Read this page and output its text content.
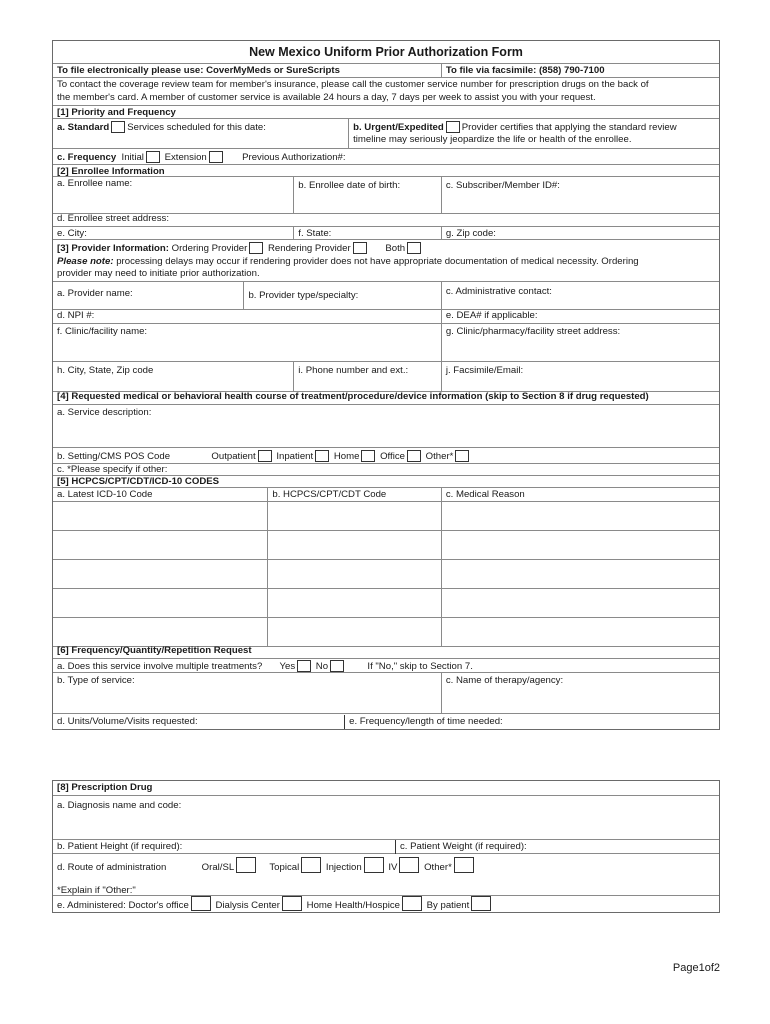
New Mexico Uniform Prior Authorization Form
To file electronically please use: CoverMyMeds or SureScripts	To file via facsimile: (858) 790-7100
To contact the coverage review team for member's insurance, please call the customer service number for prescription drugs on the back of
the member's card. A member of customer service is available 24 hours a day, 7 days per week to assist you with your request.
[1] Priority and Frequency
a. Standard Services scheduled for this date:	b. Urgent/Expedited Provider certifies that applying the standard review
timeline may seriously jeopardize the life or health of the enrollee.
c. Frequency Initial Extension	Previous Authorization#:
[2] Enrollee Information
a. Enrollee name:	b. Enrollee date of birth:	c. Subscriber/Member ID#:
d. Enrollee street address:
e. City:	f. State:	g. Zip code:
[3] Provider Information: Ordering Provider Rendering Provider	Both
Please note: processing delays may occur if rendering provider does not have appropriate documentation of medical necessity. Ordering
provider may need to initiate prior authorization.
a. Provider name:	b. Provider type/specialty:	c. Administrative contact:
d. NPI #:	e. DEA# if applicable:
f. Clinic/facility name:	g. Clinic/pharmacy/facility street address:
h. City, State, Zip code	i. Phone number and ext.:	j. Facsimile/Email:
[4] Requested medical or behavioral health course of treatment/procedure/device information (skip to Section 8 if drug requested)
a. Service description:
b. Setting/CMS POS Code	Outpatient Inpatient Home Office Other*
c. *Please specify if other:
[5] HCPCS/CPT/CDT/ICD-10 CODES
a. Latest ICD-10 Code	b. HCPCS/CPT/CDT Code	c. Medical Reason
[6] Frequency/Quantity/Repetition Request
a. Does this service involve multiple treatments? Yes No	If "No," skip to Section 7.
b. Type of service:	c. Name of therapy/agency:
d. Units/Volume/Visits requested:	e. Frequency/length of time needed:
[8] Prescription Drug
a. Diagnosis name and code:
b. Patient Height (if required):	c. Patient Weight (if required):
d. Route of administration	Oral/SL	Topical	Injection	IV	Other*
*Explain if "Other:"
e. Administered: Doctor's office	Dialysis Center	Home Health/Hospice	By patient
Page1of2
